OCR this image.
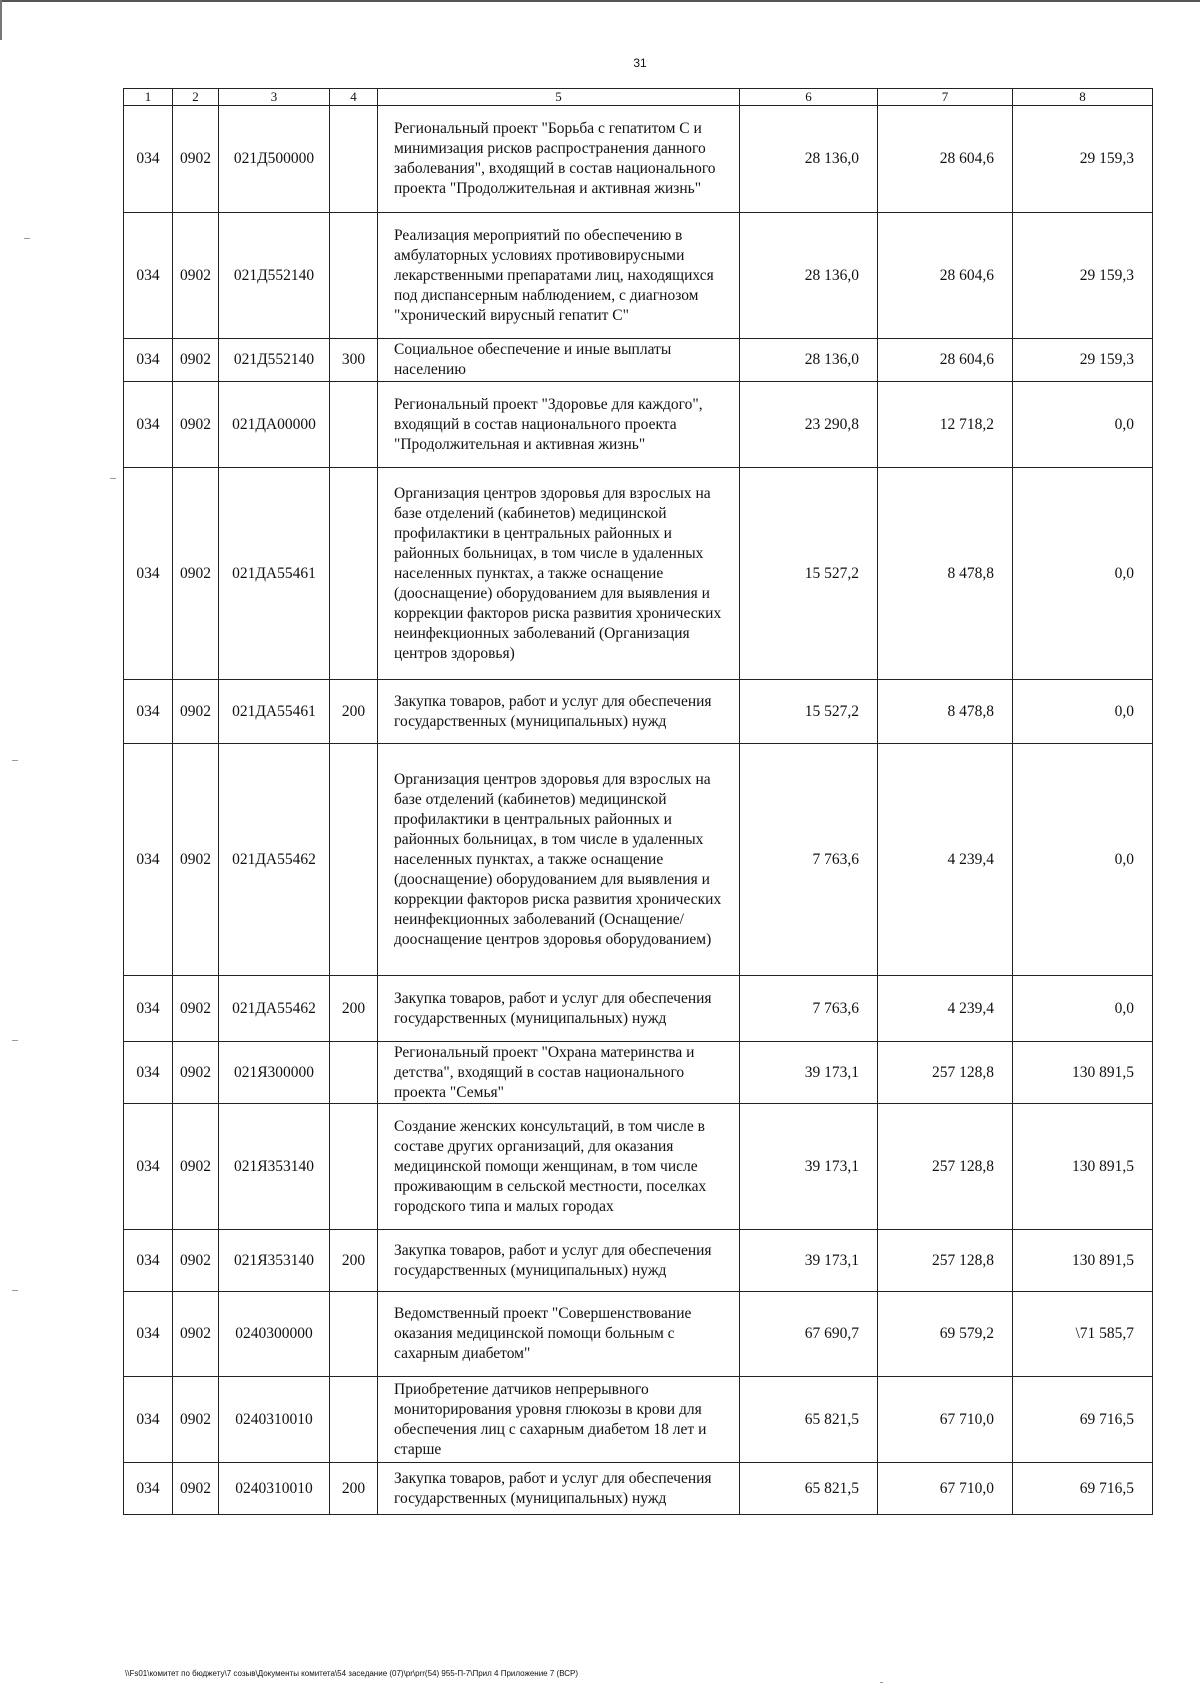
31
1	2	3	4	5	6	7	8
034	0902	021Д500000		Региональный проект "Борьба с гепатитом С и минимизация рисков распространения данного заболевания", входящий в состав национального проекта "Продолжительная и активная жизнь"	28 136,0	28 604,6	29 159,3
034	0902	021Д552140		Реализация мероприятий по обеспечению в амбулаторных условиях противовирусными лекарственными препаратами лиц, находящихся под диспансерным наблюдением, с диагнозом "хронический вирусный гепатит С"	28 136,0	28 604,6	29 159,3
034	0902	021Д552140	300	Социальное обеспечение и иные выплаты населению	28 136,0	28 604,6	29 159,3
034	0902	021ДА00000		Региональный проект "Здоровье для каждого", входящий в состав национального проекта "Продолжительная и активная жизнь"	23 290,8	12 718,2	0,0
034	0902	021ДА55461		Организация центров здоровья для взрослых на базе отделений (кабинетов) медицинской профилактики в центральных районных и районных больницах, в том числе в удаленных населенных пунктах, а также оснащение (дооснащение) оборудованием для выявления и коррекции факторов риска развития хронических неинфекционных заболеваний (Организация центров здоровья)	15 527,2	8 478,8	0,0
034	0902	021ДА55461	200	Закупка товаров, работ и услуг для обеспечения государственных (муниципальных) нужд	15 527,2	8 478,8	0,0
034	0902	021ДА55462		Организация центров здоровья для взрослых на базе отделений (кабинетов) медицинской профилактики в центральных районных и районных больницах, в том числе в удаленных населенных пунктах, а также оснащение (дооснащение) оборудованием для выявления и коррекции факторов риска развития хронических неинфекционных заболеваний (Оснащение/дооснащение центров здоровья оборудованием)	7 763,6	4 239,4	0,0
034	0902	021ДА55462	200	Закупка товаров, работ и услуг для обеспечения государственных (муниципальных) нужд	7 763,6	4 239,4	0,0
034	0902	021Я300000		Региональный проект "Охрана материнства и детства", входящий в состав национального проекта "Семья"	39 173,1	257 128,8	130 891,5
034	0902	021Я353140		Создание женских консультаций, в том числе в составе других организаций, для оказания медицинской помощи женщинам, в том числе проживающим в сельской местности, поселках городского типа и малых городах	39 173,1	257 128,8	130 891,5
034	0902	021Я353140	200	Закупка товаров, работ и услуг для обеспечения государственных (муниципальных) нужд	39 173,1	257 128,8	130 891,5
034	0902	0240300000		Ведомственный проект "Совершенствование оказания медицинской помощи больным с сахарным диабетом"	67 690,7	69 579,2	\71 585,7
034	0902	0240310010		Приобретение датчиков непрерывного мониторирования уровня глюкозы в крови для обеспечения лиц с сахарным диабетом 18 лет и старше	65 821,5	67 710,0	69 716,5
034	0902	0240310010	200	Закупка товаров, работ и услуг для обеспечения государственных (муниципальных) нужд	65 821,5	67 710,0	69 716,5
\\Fs01\комитет по бюджету\7 созыв\Документы комитета\54 заседание (07)\pr\prr(54) 955-П-7\Прил 4 Приложение 7 (ВСР)
